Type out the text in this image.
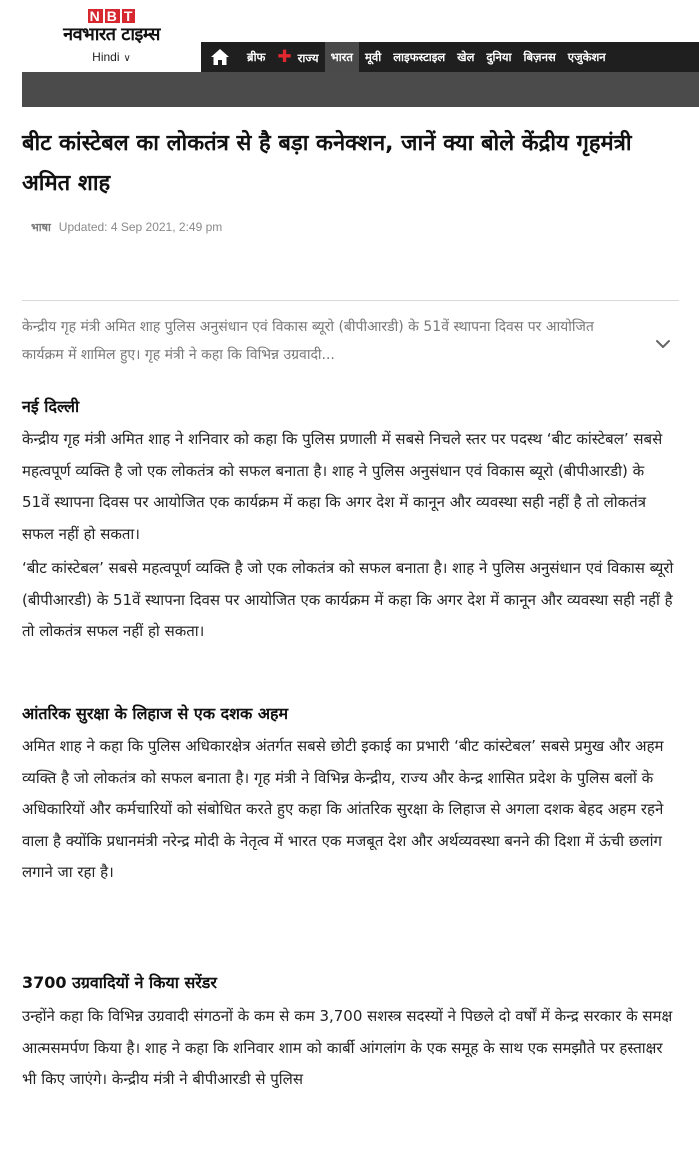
N B T
नवभारत टाइम्स
Hindi ∨	ब्रीफ ✚ राज्य	भारत	मूवी	लाइफस्टाइल	खेल	दुनिया	बिज़नस	एजुकेशन
बीट कांस्टेबल का लोकतंत्र से है बड़ा कनेक्शन, जानें क्या बोले केंद्रीय गृहमंत्री अमित शाह
भाषा Updated: 4 Sep 2021, 2:49 pm

केन्द्रीय गृह मंत्री अमित शाह पुलिस अनुसंधान एवं विकास ब्यूरो (बीपीआरडी) के 51वें स्थापना दिवस पर आयोजित कार्यक्रम में शामिल हुए। गृह मंत्री ने कहा कि विभिन्न उग्रवादी...

नई दिल्ली

केन्द्रीय गृह मंत्री अमित शाह ने शनिवार को कहा कि पुलिस प्रणाली में सबसे निचले स्तर पर पदस्थ ‘बीट कांस्टेबल’ सबसे महत्वपूर्ण व्यक्ति है जो एक लोकतंत्र को सफल बनाता है। शाह ने पुलिस अनुसंधान एवं विकास ब्यूरो (बीपीआरडी) के 51वें स्थापना दिवस पर आयोजित एक कार्यक्रम में कहा कि अगर देश में कानून और व्यवस्था सही नहीं है तो लोकतंत्र सफल नहीं हो सकता।

‘बीट कांस्टेबल’ सबसे महत्वपूर्ण व्यक्ति है जो एक लोकतंत्र को सफल बनाता है। शाह ने पुलिस अनुसंधान एवं विकास ब्यूरो (बीपीआरडी) के 51वें स्थापना दिवस पर आयोजित एक कार्यक्रम में कहा कि अगर देश में कानून और व्यवस्था सही नहीं है तो लोकतंत्र सफल नहीं हो सकता।

आंतरिक सुरक्षा के लिहाज से एक दशक अहम

अमित शाह ने कहा कि पुलिस अधिकारक्षेत्र अंतर्गत सबसे छोटी इकाई का प्रभारी ‘बीट कांस्टेबल’ सबसे प्रमुख और अहम व्यक्ति है जो लोकतंत्र को सफल बनाता है। गृह मंत्री ने विभिन्न केन्द्रीय, राज्य और केन्द्र शासित प्रदेश के पुलिस बलों के अधिकारियों और कर्मचारियों को संबोधित करते हुए कहा कि आंतरिक सुरक्षा के लिहाज से अगला दशक बेहद अहम रहने वाला है क्योंकि प्रधानमंत्री नरेन्द्र मोदी के नेतृत्व में भारत एक मजबूत देश और अर्थव्यवस्था बनने की दिशा में ऊंची छलांग लगाने जा रहा है।

3700 उग्रवादियों ने किया सरेंडर

उन्होंने कहा कि विभिन्न उग्रवादी संगठनों के कम से कम 3,700 सशस्त्र सदस्यों ने पिछले दो वर्षों में केन्द्र सरकार के समक्ष आत्मसमर्पण किया है। शाह ने कहा कि शनिवार शाम को कार्बी आंगलांग के एक समूह के साथ एक समझौते पर हस्ताक्षर भी किए जाएंगे। केन्द्रीय मंत्री ने बीपीआरडी से पुलिस
